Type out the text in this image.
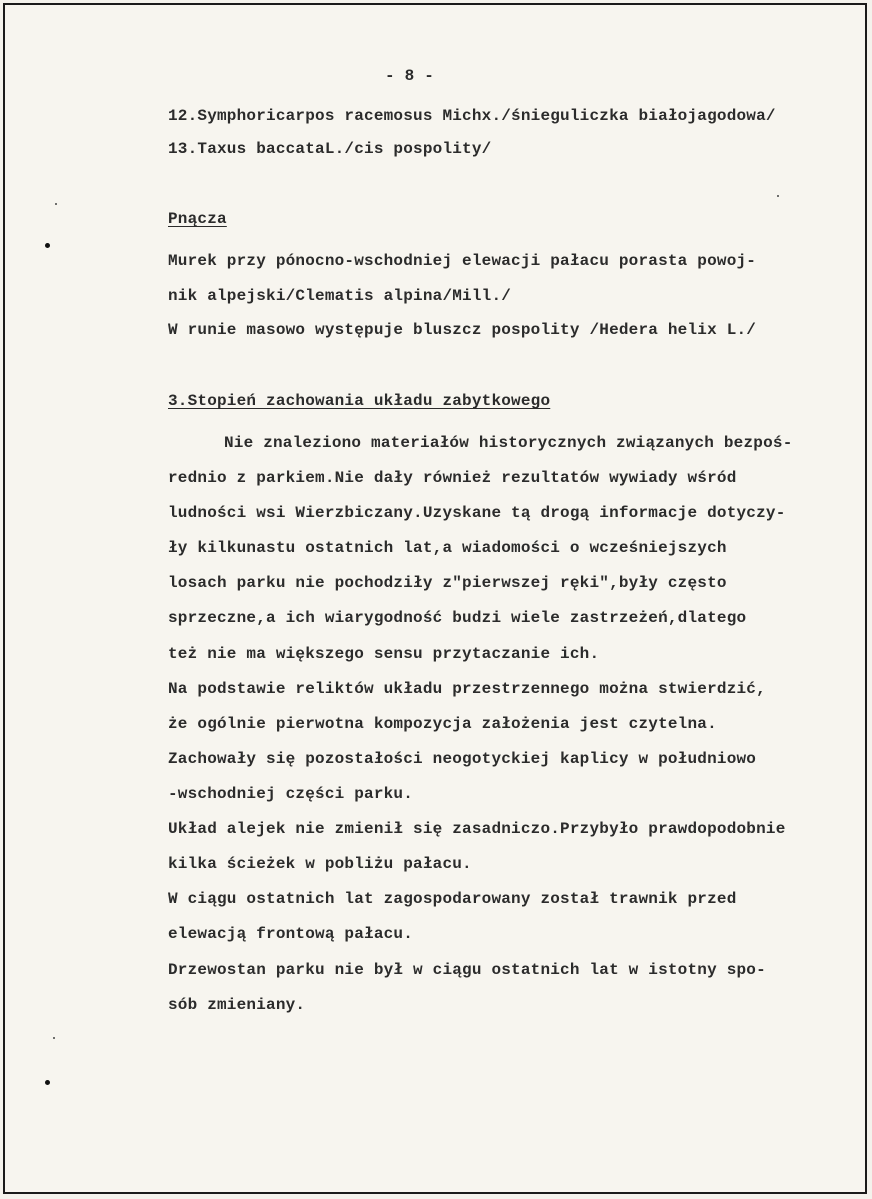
- 8 -
12.Symphoricarpos racemosus Michx./śnieguliczka białojagodowa/
13.Taxus baccataL./cis pospolity/
Pnącza
Murek przy pónocno-wschodniej elewacji pałacu porasta powoj-
nik alpejski/Clematis alpina/Mill./
W runie masowo występuje bluszcz pospolity /Hedera helix L./
3.Stopień zachowania układu zabytkowego
Nie znaleziono materiałów historycznych związanych bezpoś-
rednio z parkiem.Nie dały również rezultatów wywiady wśród
ludności wsi Wierzbiczany.Uzyskane tą drogą informacje dotyczy-
ły kilkunastu ostatnich lat,a wiadomości o wcześniejszych
losach parku nie pochodziły z"pierwszej ręki",były często
sprzeczne,a ich wiarygodność budzi wiele zastrzeżeń,dlatego
też nie ma większego sensu przytaczanie ich.
Na podstawie reliktów układu przestrzennego można stwierdzić,
że ogólnie pierwotna kompozycja założenia jest czytelna.
Zachowały się pozostałości neogotyckiej kaplicy w południowo
-wschodniej części parku.
Układ alejek nie zmienił się zasadniczo.Przybyło prawdopodobnie
kilka ścieżek w pobliżu pałacu.
W ciągu ostatnich lat zagospodarowany został trawnik przed
elewacją frontową pałacu.
Drzewostan parku nie był w ciągu ostatnich lat w istotny spo-
sób zmieniany.
